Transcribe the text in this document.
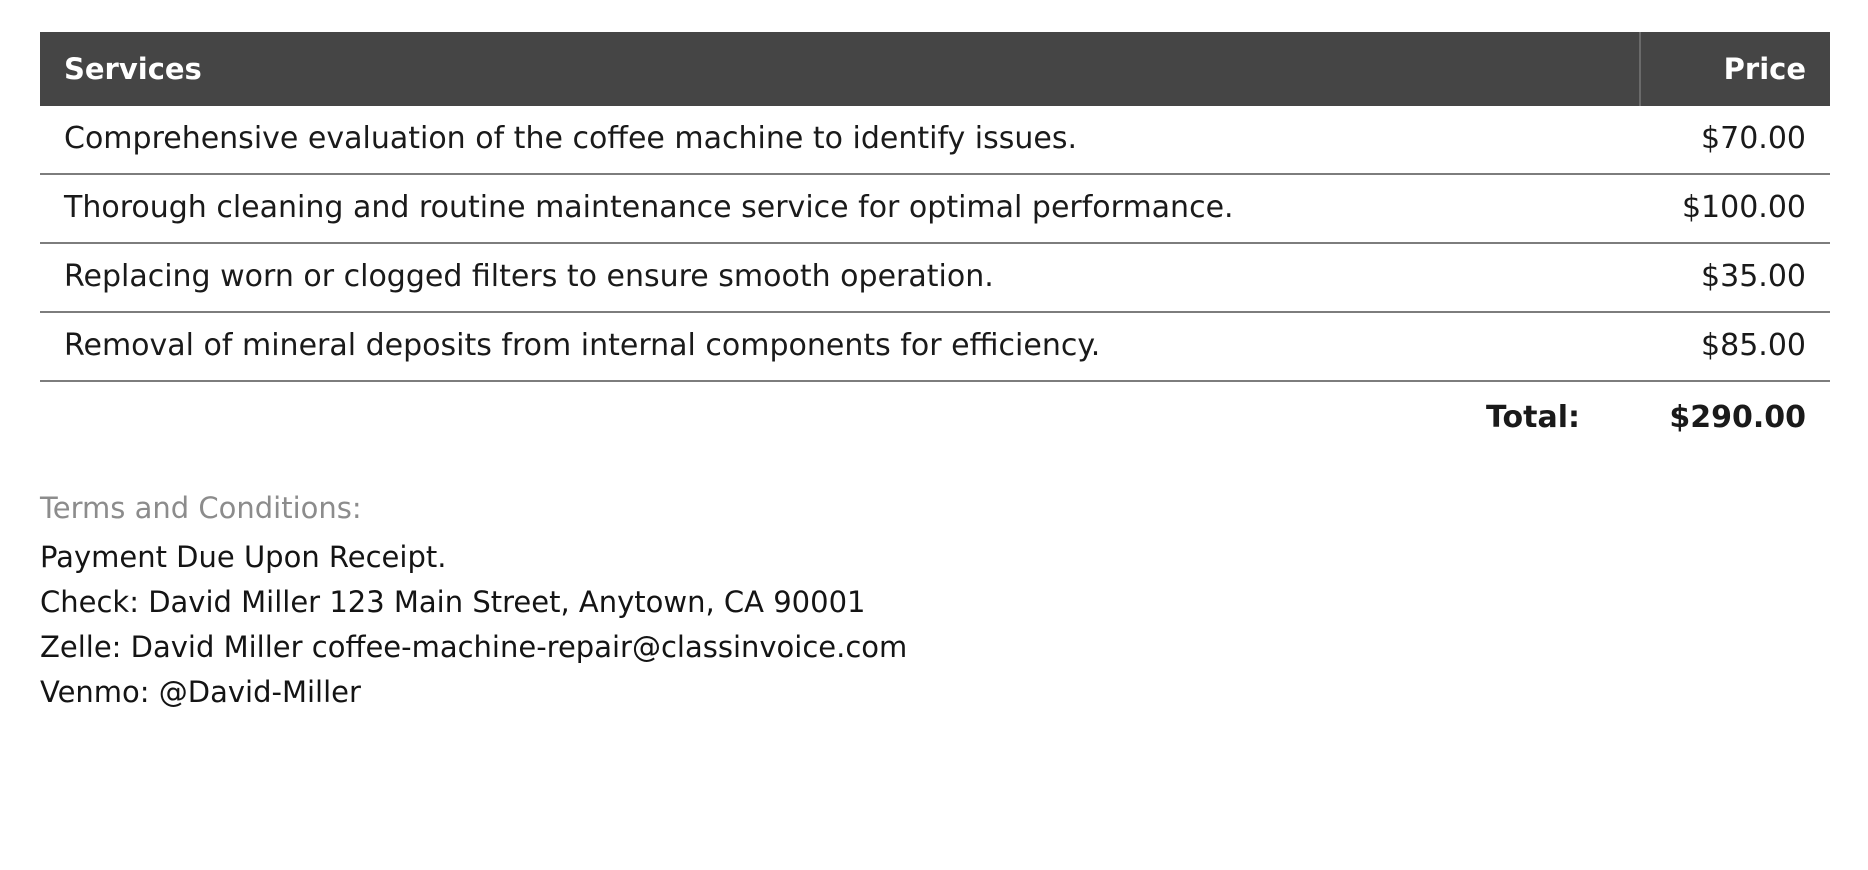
Services	Price
Comprehensive evaluation of the coffee machine to identify issues.	$70.00
Thorough cleaning and routine maintenance service for optimal performance.	$100.00
Replacing worn or clogged filters to ensure smooth operation.	$35.00
Removal of mineral deposits from internal components for efficiency.	$85.00
Total:	$290.00
Terms and Conditions:
Payment Due Upon Receipt.
Check: David Miller 123 Main Street, Anytown, CA 90001
Zelle: David Miller coffee-machine-repair@classinvoice.com
Venmo: @David-Miller
